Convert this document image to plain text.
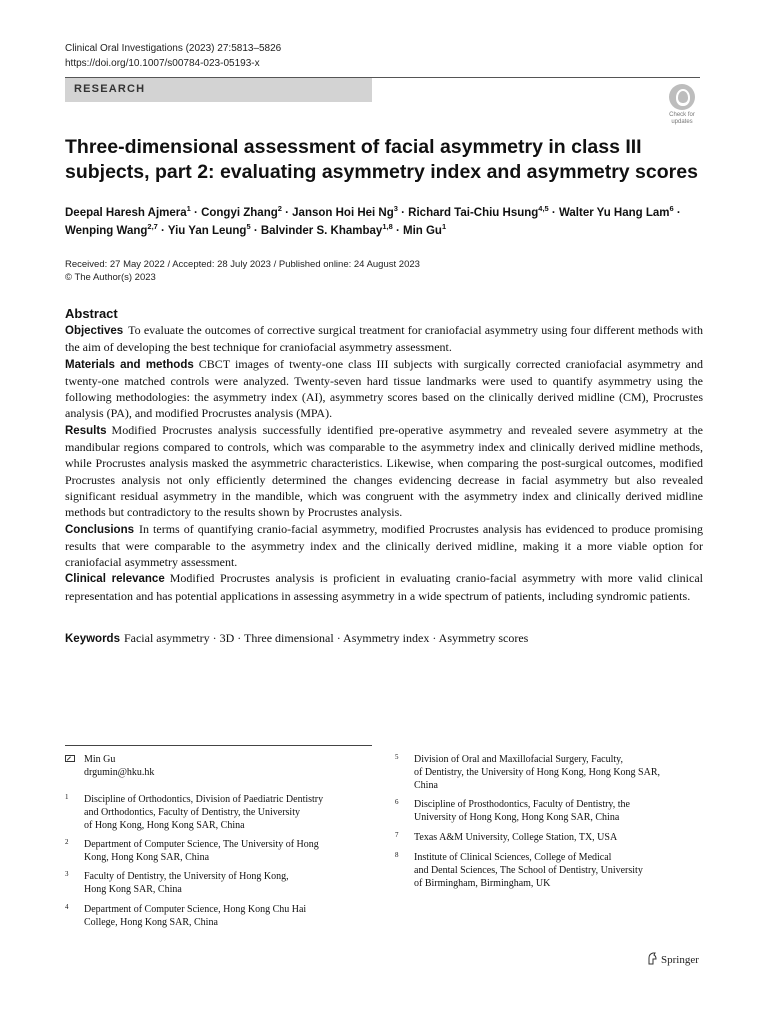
Clinical Oral Investigations (2023) 27:5813–5826
https://doi.org/10.1007/s00784-023-05193-x
RESEARCH
Check for
updates
Three-dimensional assessment of facial asymmetry in class III subjects, part 2: evaluating asymmetry index and asymmetry scores
Deepal Haresh Ajmera$^1$ · Congyi Zhang$^2$ · Janson Hoi Hei $Ng^3$ · Richard Tai-Chiu Hsung$^{4,5}$ · Walter Yu Hang Lam$^6$ ·
Wenping Wang$^{2,7}$ · Yiu Yan Leung$^5$ · Balvinder S. Khambay$^{1,8}$ · Min Gu$^1$
Received: 27 May 2022 / Accepted: 28 July 2023 / Published online: 24 August 2023
© The Author(s) 2023
Abstract

Objectives To evaluate the outcomes of corrective surgical treatment for craniofacial asymmetry using four different methods with the aim of developing the best technique for craniofacial asymmetry assessment.

Materials and methods CBCT images of twenty-one class III subjects with surgically corrected craniofacial asymmetry and twenty-one matched controls were analyzed. Twenty-seven hard tissue landmarks were used to quantify asymmetry using the following methodologies: the asymmetry index (AI), asymmetry scores based on the clinically derived midline (CM), Procrustes analysis (PA), and modified Procrustes analysis (MPA).

Results Modified Procrustes analysis successfully identified pre-operative asymmetry and revealed severe asymmetry at the mandibular regions compared to controls, which was comparable to the asymmetry index and clinically derived midline methods, while Procrustes analysis masked the asymmetric characteristics. Likewise, when comparing the post-surgical outcomes, modified Procrustes analysis not only efficiently determined the changes evidencing decrease in facial asymmetry but also revealed significant residual asymmetry in the mandible, which was congruent with the asymmetry index and clinically derived midline methods but contradictory to the results shown by Procrustes analysis.

Conclusions In terms of quantifying cranio-facial asymmetry, modified Procrustes analysis has evidenced to produce promising results that were comparable to the asymmetry index and the clinically derived midline, making it a more viable option for craniofacial asymmetry assessment.

Clinical relevance Modified Procrustes analysis is proficient in evaluating cranio-facial asymmetry with more valid clinical representation and has potential applications in assessing asymmetry in a wide spectrum of patients, including syndromic patients.

Keywords Facial asymmetry · 3D · Three dimensional · Asymmetry index · Asymmetry scores
Min Gu
drgumin@hku.hk
1 Discipline of Orthodontics, Division of Paediatric Dentistry
and Orthodontics, Faculty of Dentistry, the University
of Hong Kong, Hong Kong SAR, China
2 Department of Computer Science, The University of Hong
Kong, Hong Kong SAR, China
3 Faculty of Dentistry, the University of Hong Kong,
Hong Kong SAR, China
4 Department of Computer Science, Hong Kong Chu Hai
College, Hong Kong SAR, China
5 Division of Oral and Maxillofacial Surgery, Faculty,
of Dentistry, the University of Hong Kong, Hong Kong SAR,
China
6 Discipline of Prosthodontics, Faculty of Dentistry, the
University of Hong Kong, Hong Kong SAR, China
7 Texas A&M University, College Station, TX, USA
8 Institute of Clinical Sciences, College of Medical
and Dental Sciences, The School of Dentistry, University
of Birmingham, Birmingham, UK
Springer
